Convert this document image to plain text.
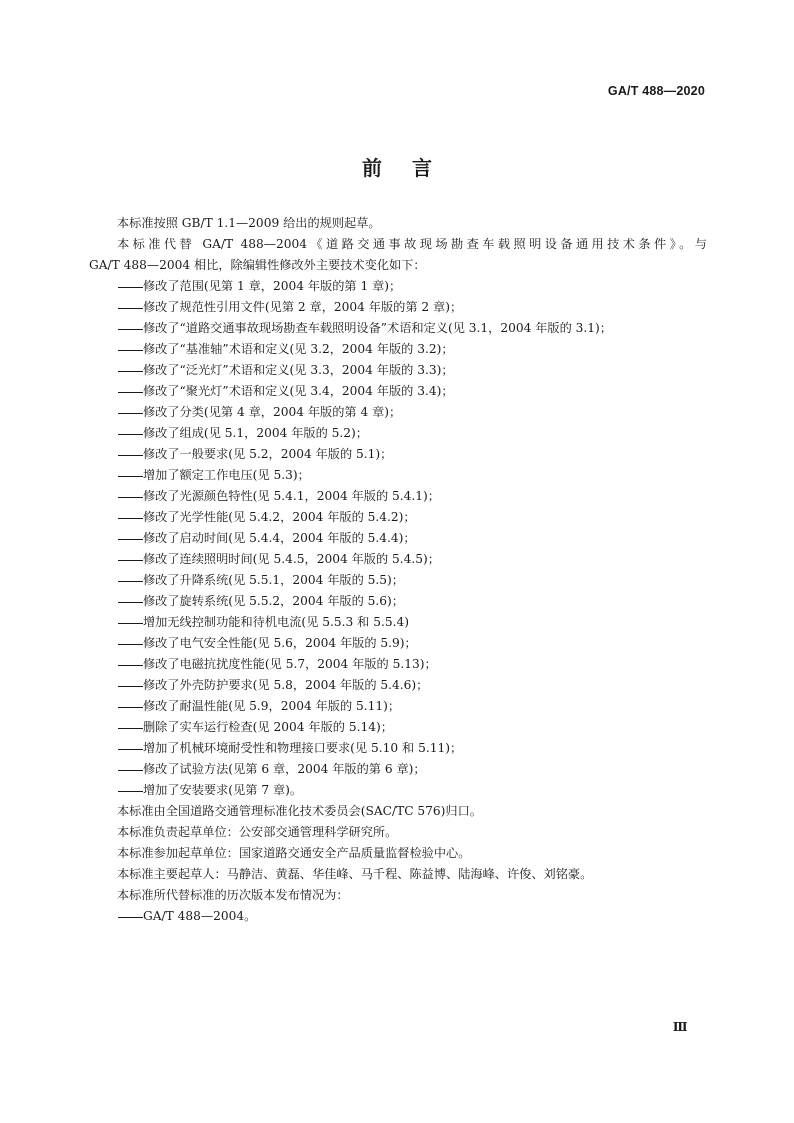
GA/T 488—2020
前言
本标准按照 GB/T 1.1—2009 给出的规则起草。
本标准代替 GA/T 488—2004《道路交通事故现场勘查车载照明设备通用技术条件》。与
GA/T 488—2004 相比，除编辑性修改外主要技术变化如下：
修改了范围(见第 1 章，2004 年版的第 1 章)；
修改了规范性引用文件(见第 2 章，2004 年版的第 2 章)；
修改了“道路交通事故现场勘查车载照明设备”术语和定义(见 3.1，2004 年版的 3.1)；
修改了“基准轴”术语和定义(见 3.2，2004 年版的 3.2)；
修改了“泛光灯”术语和定义(见 3.3，2004 年版的 3.3)；
修改了“聚光灯”术语和定义(见 3.4，2004 年版的 3.4)；
修改了分类(见第 4 章，2004 年版的第 4 章)；
修改了组成(见 5.1，2004 年版的 5.2)；
修改了一般要求(见 5.2，2004 年版的 5.1)；
增加了额定工作电压(见 5.3)；
修改了光源颜色特性(见 5.4.1，2004 年版的 5.4.1)；
修改了光学性能(见 5.4.2，2004 年版的 5.4.2)；
修改了启动时间(见 5.4.4，2004 年版的 5.4.4)；
修改了连续照明时间(见 5.4.5，2004 年版的 5.4.5)；
修改了升降系统(见 5.5.1，2004 年版的 5.5)；
修改了旋转系统(见 5.5.2，2004 年版的 5.6)；
增加无线控制功能和待机电流(见 5.5.3 和 5.5.4)
修改了电气安全性能(见 5.6，2004 年版的 5.9)；
修改了电磁抗扰度性能(见 5.7，2004 年版的 5.13)；
修改了外壳防护要求(见 5.8，2004 年版的 5.4.6)；
修改了耐温性能(见 5.9，2004 年版的 5.11)；
删除了实车运行检查(见 2004 年版的 5.14)；
增加了机械环境耐受性和物理接口要求(见 5.10 和 5.11)；
修改了试验方法(见第 6 章，2004 年版的第 6 章)；
增加了安装要求(见第 7 章)。
本标准由全国道路交通管理标准化技术委员会(SAC/TC 576)归口。
本标准负责起草单位：公安部交通管理科学研究所。
本标准参加起草单位：国家道路交通安全产品质量监督检验中心。
本标准主要起草人：马静洁、黄磊、华佳峰、马千程、陈益博、陆海峰、许俊、刘铭豪。
本标准所代替标准的历次版本发布情况为：
GA/T 488—2004。
Ⅲ
